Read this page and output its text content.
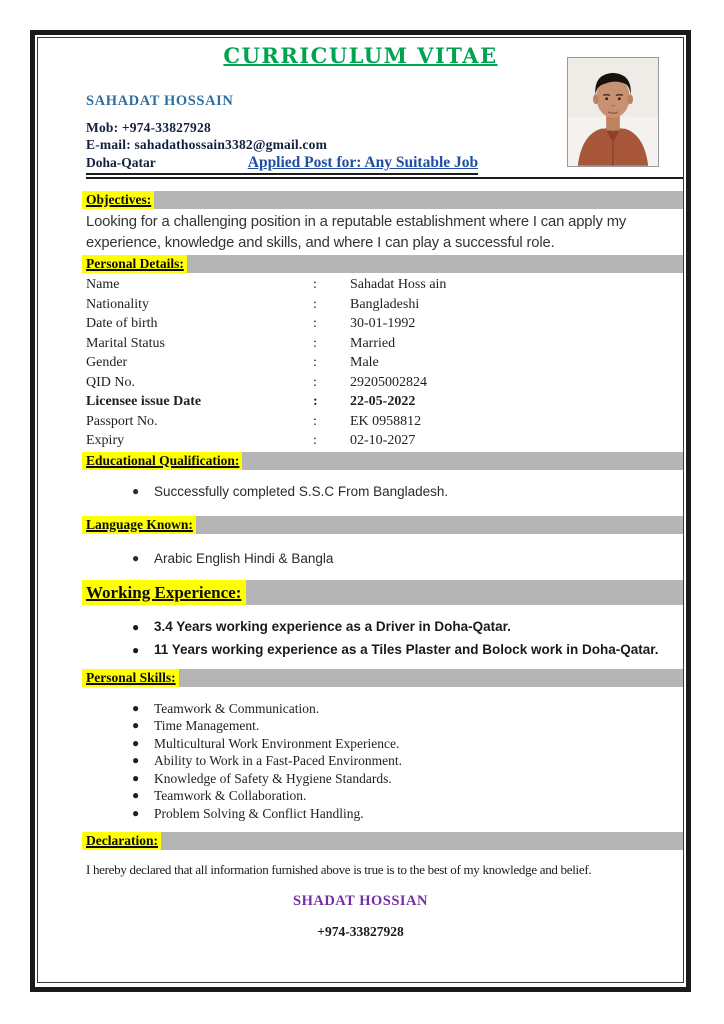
CURRICULUM VITAE
SAHADAT HOSSAIN
Mob: +974-33827928
E-mail: sahadathossain3382@gmail.com
Doha-Qatar	Applied Post for: Any Suitable Job
Objectives:
Looking for a challenging position in a reputable establishment where I can apply my experience, knowledge and skills, and where I can play a successful role.
Personal Details:
Name	:	Sahadat Hoss ain
Nationality	:	Bangladeshi
Date of birth	:	30-01-1992
Marital Status	:	Married
Gender	:	Male
QID No.	:	29205002824
Licensee issue Date	:	22-05-2022
Passport No.	:	EK 0958812
Expiry	:	02-10-2027
Educational Qualification:
●	Successfully completed S.S.C From Bangladesh.
Language Known:
●	Arabic English Hindi & Bangla
Working Experience:
●	3.4 Years working experience as a Driver in Doha-Qatar.
●	11 Years working experience as a Tiles Plaster and Bolock work in Doha-Qatar.
Personal Skills:
●	Teamwork & Communication.
●	Time Management.
●	Multicultural Work Environment Experience.
●	Ability to Work in a Fast-Paced Environment.
●	Knowledge of Safety & Hygiene Standards.
●	Teamwork & Collaboration.
●	Problem Solving & Conflict Handling.
Declaration:
I hereby declared that all information furnished above is true is to the best of my knowledge and belief.
SHADAT HOSSIAN
+974-33827928
